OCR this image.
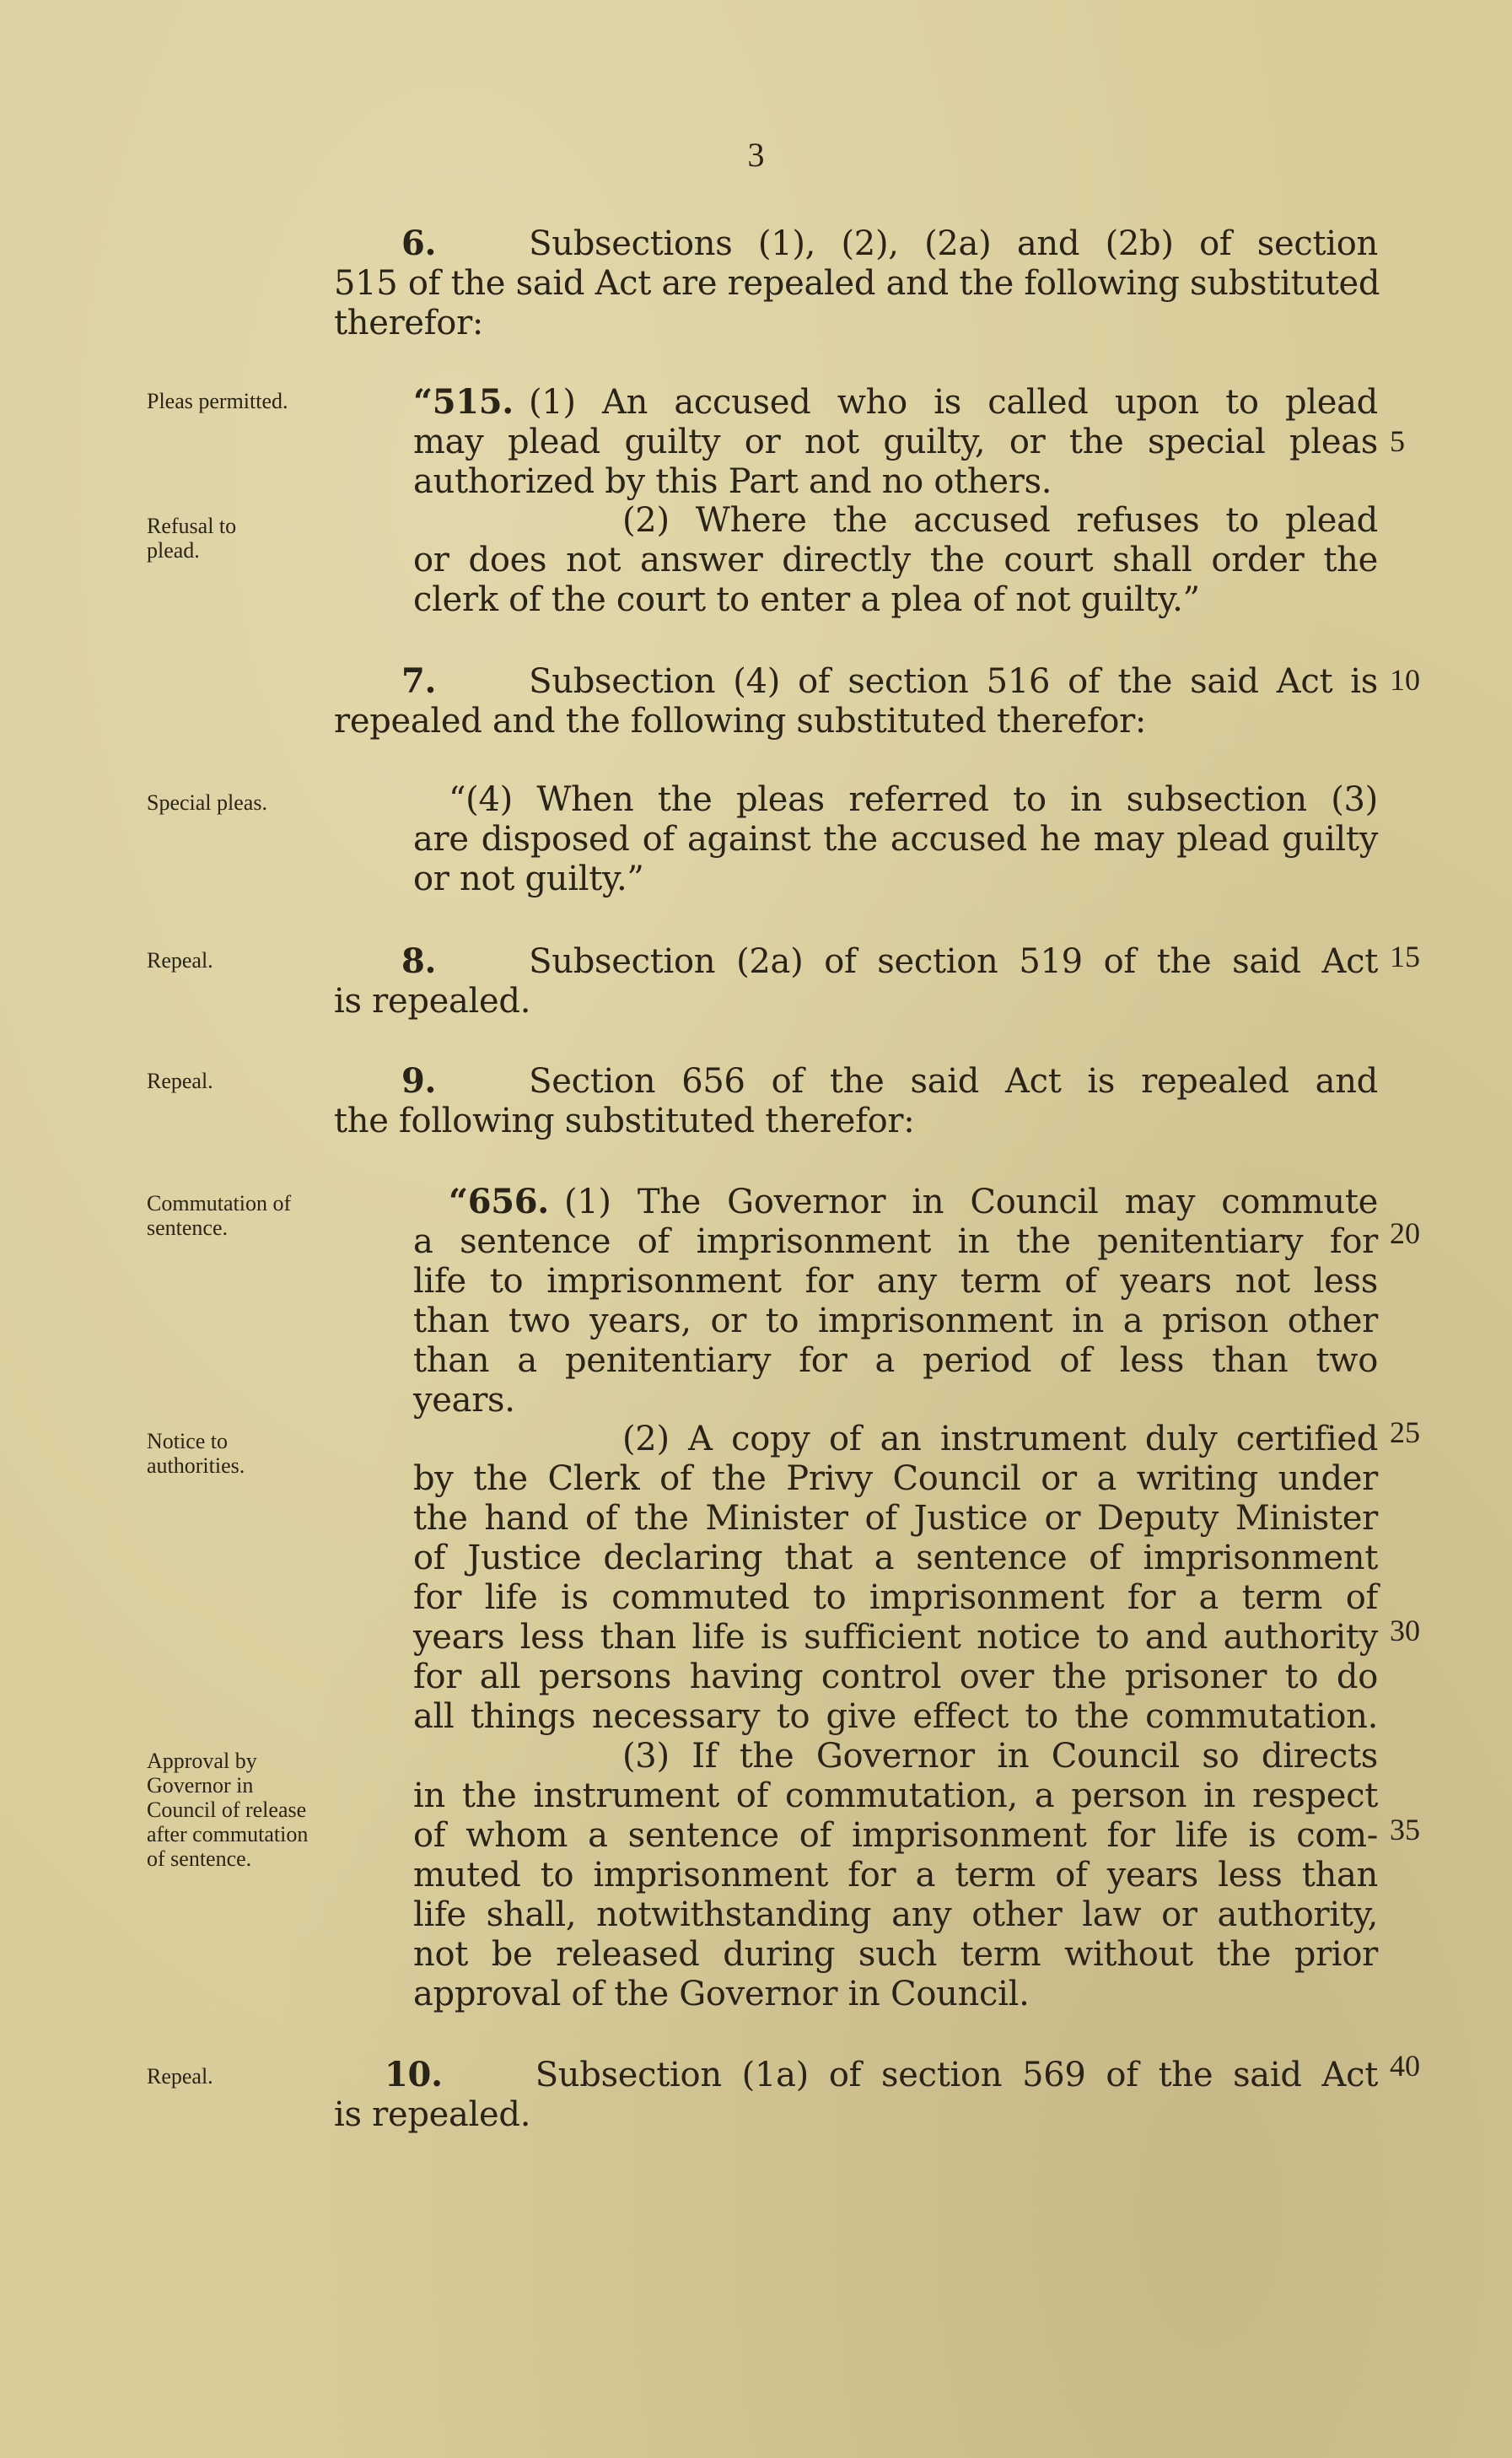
3
6.	Subsections (1), (2), (2a) and (2b) of section
515 of the said Act are repealed and the following substituted
therefor:
“515. (1) An accused who is called upon to plead
may plead guilty or not guilty, or the special pleas
authorized by this Part and no others.
(2) Where the accused refuses to plead
or does not answer directly the court shall order the
clerk of the court to enter a plea of not guilty.”
7.	Subsection (4) of section 516 of the said Act is
repealed and the following substituted therefor:
“(4) When the pleas referred to in subsection (3)
are disposed of against the accused he may plead guilty
or not guilty.”
8.	Subsection (2a) of section 519 of the said Act
is repealed.
9.	Section 656 of the said Act is repealed and
the following substituted therefor:
“656. (1) The Governor in Council may commute
a sentence of imprisonment in the penitentiary for
life to imprisonment for any term of years not less
than two years, or to imprisonment in a prison other
than a penitentiary for a period of less than two
years.
(2) A copy of an instrument duly certified
by the Clerk of the Privy Council or a writing under
the hand of the Minister of Justice or Deputy Minister
of Justice declaring that a sentence of imprisonment
for life is commuted to imprisonment for a term of
years less than life is sufficient notice to and authority
for all persons having control over the prisoner to do
all things necessary to give effect to the commutation.
(3) If the Governor in Council so directs
in the instrument of commutation, a person in respect
of whom a sentence of imprisonment for life is com-
muted to imprisonment for a term of years less than
life shall, notwithstanding any other law or authority,
not be released during such term without the prior
approval of the Governor in Council.
10.	Subsection (1a) of section 569 of the said Act
is repealed.
Pleas permitted.
Refusal to plead.
Special pleas.
Repeal.
Repeal.
Commutation of sentence.
Notice to authorities.
Approval by Governor in Council of release after commutation of sentence.
Repeal.
5
10
15
20
25
30
35
40
